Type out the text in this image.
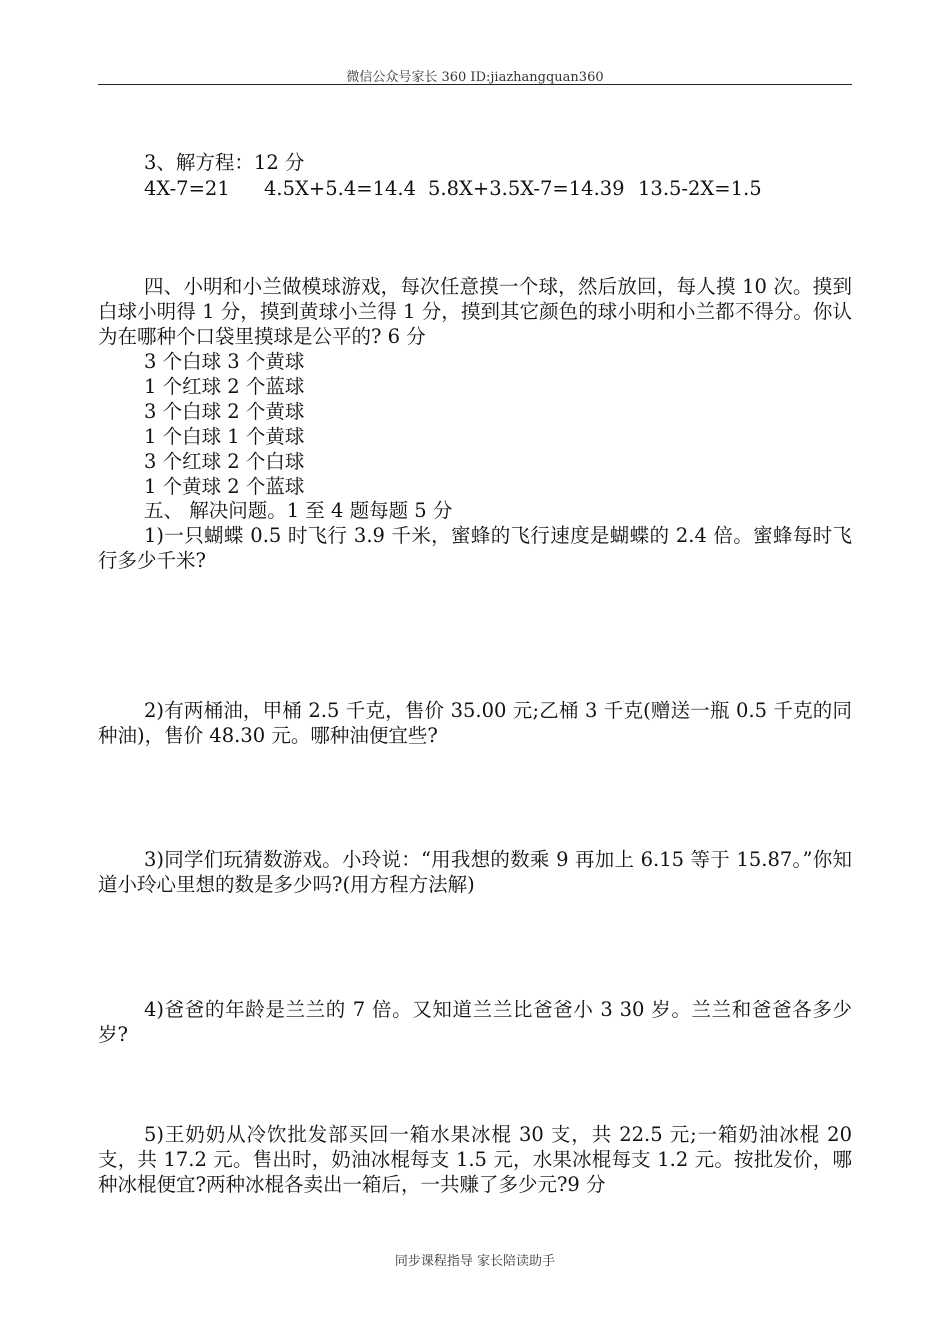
微信公众号家长 360 ID:jiazhangquan360
3、解方程：12 分
4X-7=21 4.5X+5.4=14.4 5.8X+3.5X-7=14.39 13.5-2X=1.5
四、小明和小兰做模球游戏，每次任意摸一个球，然后放回，每人摸 10 次。摸到白球小明得 1 分，摸到黄球小兰得 1 分，摸到其它颜色的球小明和小兰都不得分。你认为在哪种个口袋里摸球是公平的? 6 分
3 个白球 3 个黄球
1 个红球 2 个蓝球
3 个白球 2 个黄球
1 个白球 1 个黄球
3 个红球 2 个白球
1 个黄球 2 个蓝球
五、 解决问题。1 至 4 题每题 5 分
1)一只蝴蝶 0.5 时飞行 3.9 千米，蜜蜂的飞行速度是蝴蝶的 2.4 倍。蜜蜂每时飞行多少千米?
2)有两桶油，甲桶 2.5 千克，售价 35.00 元;乙桶 3 千克(赠送一瓶 0.5 千克的同种油)，售价 48.30 元。哪种油便宜些?
3)同学们玩猜数游戏。小玲说：“用我想的数乘 9 再加上 6.15 等于 15.87。”你知道小玲心里想的数是多少吗?(用方程方法解)
4)爸爸的年龄是兰兰的 7 倍。又知道兰兰比爸爸小 3 30 岁。兰兰和爸爸各多少岁?
5)王奶奶从冷饮批发部买回一箱水果冰棍 30 支，共 22.5 元;一箱奶油冰棍 20 支，共 17.2 元。售出时，奶油冰棍每支 1.5 元，水果冰棍每支 1.2 元。按批发价，哪种冰棍便宜?两种冰棍各卖出一箱后，一共赚了多少元?9 分
同步课程指导 家长陪读助手
